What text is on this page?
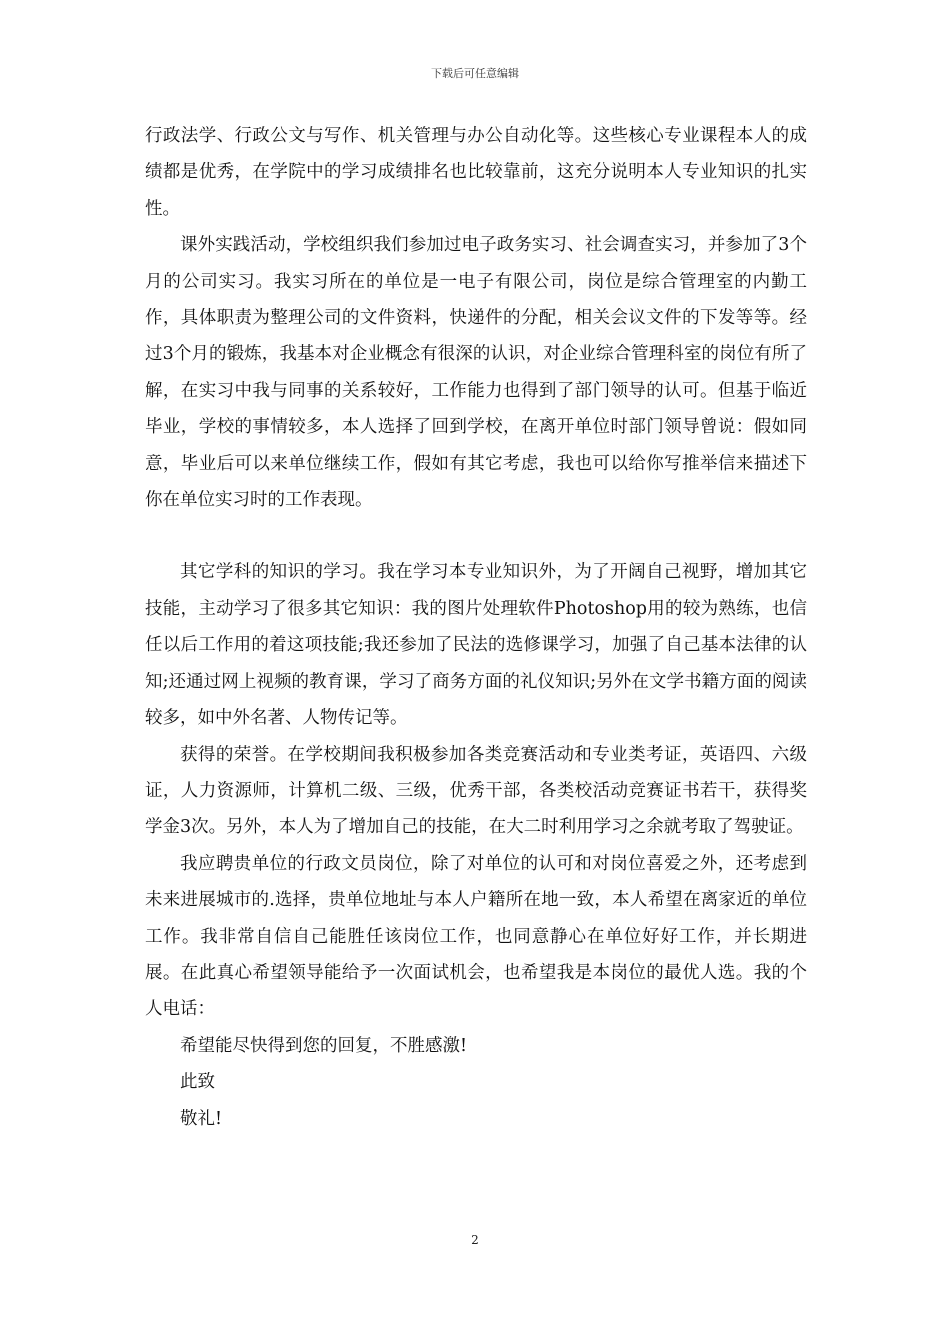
下载后可任意编辑

行政法学、行政公文与写作、机关管理与办公自动化等。这些核心专业课程本人的成绩都是优秀，在学院中的学习成绩排名也比较靠前，这充分说明本人专业知识的扎实性。

课外实践活动，学校组织我们参加过电子政务实习、社会调查实习，并参加了3个月的公司实习。我实习所在的单位是一电子有限公司，岗位是综合管理室的内勤工作，具体职责为整理公司的文件资料，快递件的分配，相关会议文件的下发等等。经过3个月的锻炼，我基本对企业概念有很深的认识，对企业综合管理科室的岗位有所了解，在实习中我与同事的关系较好，工作能力也得到了部门领导的认可。但基于临近毕业，学校的事情较多，本人选择了回到学校，在离开单位时部门领导曾说：假如同意，毕业后可以来单位继续工作，假如有其它考虑，我也可以给你写推举信来描述下你在单位实习时的工作表现。

其它学科的知识的学习。我在学习本专业知识外，为了开阔自己视野，增加其它技能，主动学习了很多其它知识：我的图片处理软件Photoshop用的较为熟练，也信任以后工作用的着这项技能;我还参加了民法的选修课学习，加强了自己基本法律的认知;还通过网上视频的教育课，学习了商务方面的礼仪知识;另外在文学书籍方面的阅读较多，如中外名著、人物传记等。

获得的荣誉。在学校期间我积极参加各类竞赛活动和专业类考证，英语四、六级证，人力资源师，计算机二级、三级，优秀干部，各类校活动竞赛证书若干，获得奖学金3次。另外，本人为了增加自己的技能，在大二时利用学习之余就考取了驾驶证。

我应聘贵单位的行政文员岗位，除了对单位的认可和对岗位喜爱之外，还考虑到未来进展城市的.选择，贵单位地址与本人户籍所在地一致，本人希望在离家近的单位工作。我非常自信自己能胜任该岗位工作，也同意静心在单位好好工作，并长期进展。在此真心希望领导能给予一次面试机会，也希望我是本岗位的最优人选。我的个人电话：

希望能尽快得到您的回复，不胜感激!

此致

敬礼!

2
